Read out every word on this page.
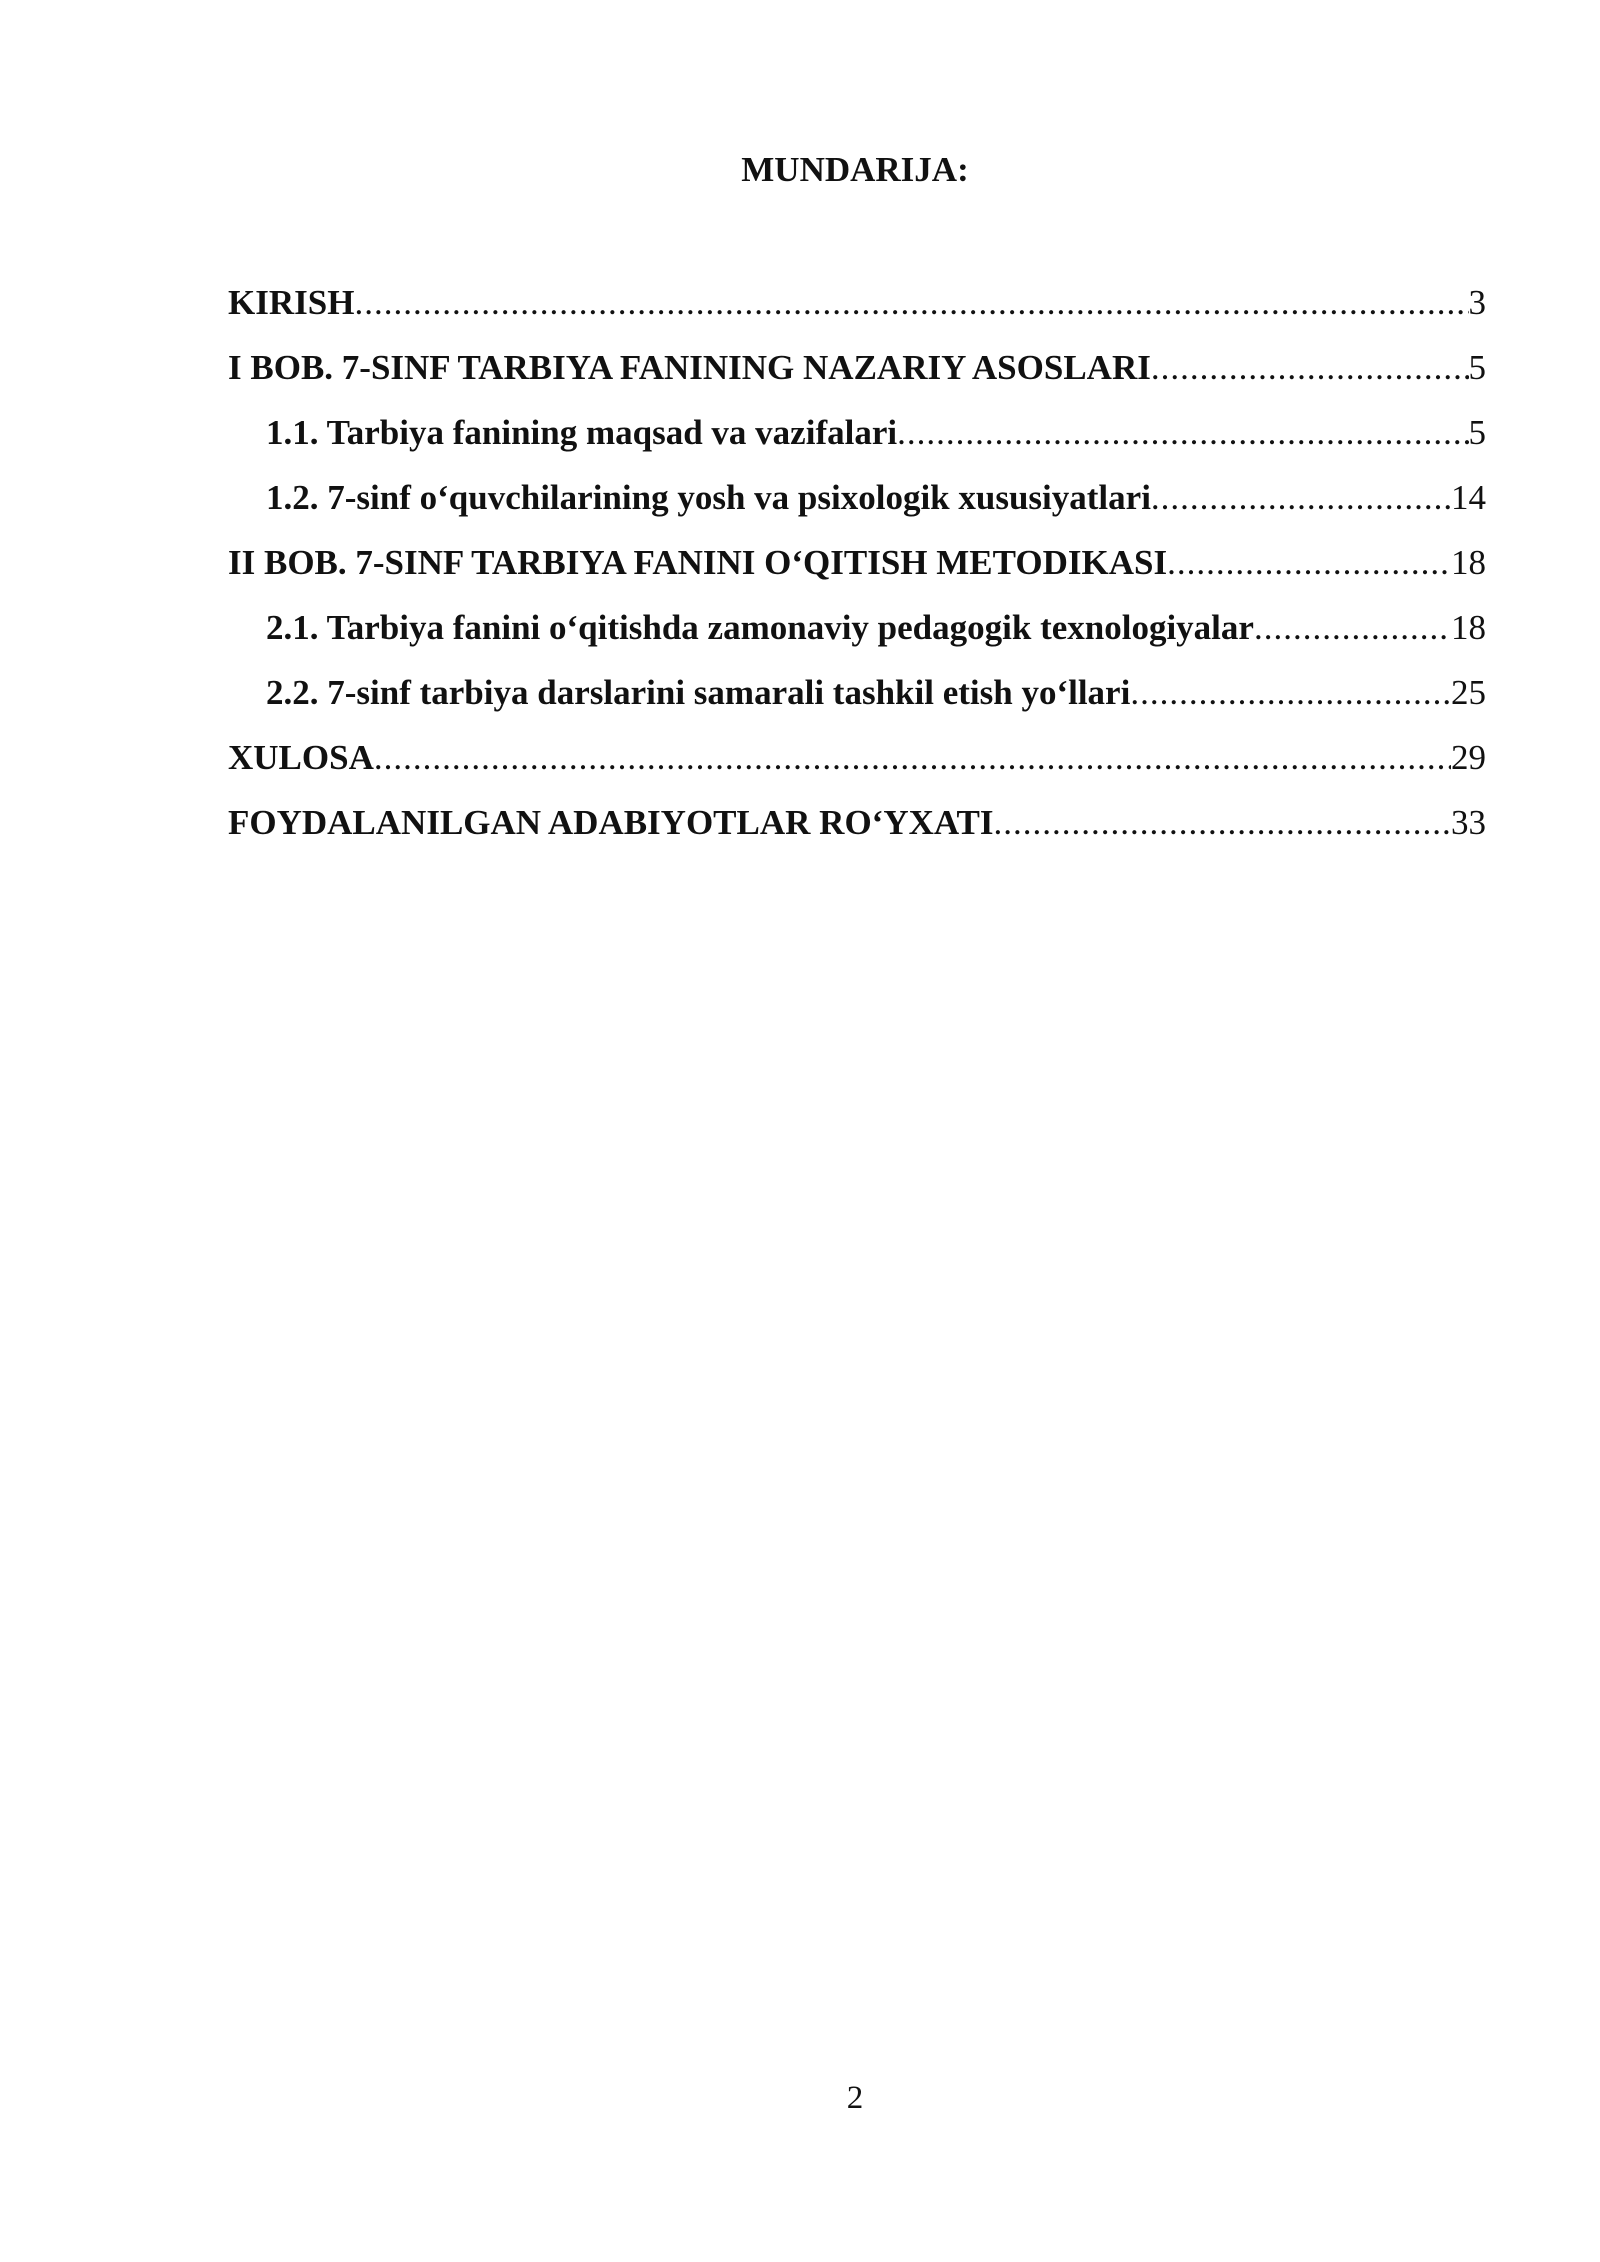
MUNDARIJA:
KIRISH .....	3
I BOB. 7-SINF TARBIYA FANINING NAZARIY ASOSLARI .....	5
1.1. Tarbiya fanining maqsad va vazifalari .....	5
1.2. 7-sinf o‘quvchilarining yosh va psixologik xususiyatlari .....	14
II BOB. 7-SINF TARBIYA FANINI O‘QITISH METODIKASI .....	18
2.1. Tarbiya fanini o‘qitishda zamonaviy pedagogik texnologiyalar .....	18
2.2. 7-sinf tarbiya darslarini samarali tashkil etish yo‘llari .....	25
XULOSA .....	29
FOYDALANILGAN ADABIYOTLAR RO‘YXATI .....	33
2
